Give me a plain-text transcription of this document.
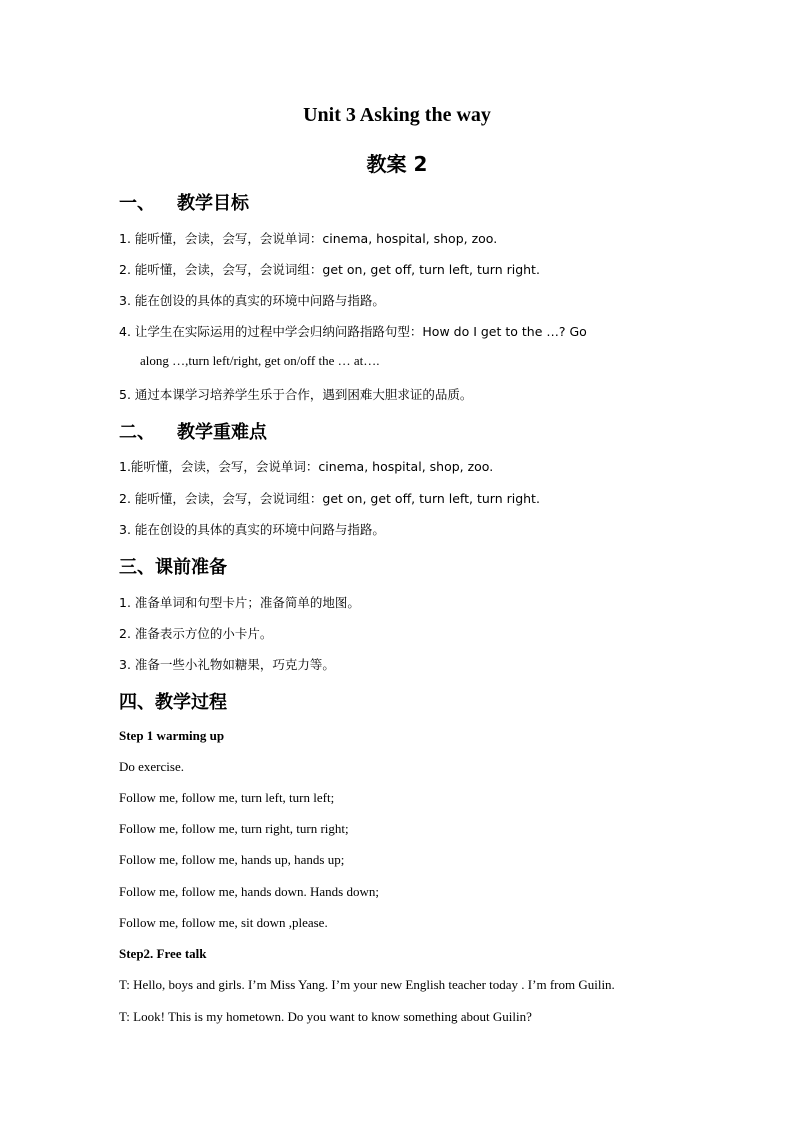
Unit 3 Asking the way
教案 2
一、 教学目标
1. 能听懂，会读，会写，会说单词：cinema, hospital, shop, zoo.
2. 能听懂，会读，会写，会说词组：get on, get off, turn left, turn right.
3. 能在创设的具体的真实的环境中问路与指路。
4. 让学生在实际运用的过程中学会归纳问路指路句型：How do I get to the …? Go
along …,turn left/right, get on/off the … at….
5. 通过本课学习培养学生乐于合作，遇到困难大胆求证的品质。
二、 教学重难点
1.能听懂，会读，会写，会说单词：cinema, hospital, shop, zoo.
2. 能听懂，会读，会写，会说词组：get on, get off, turn left, turn right.
3. 能在创设的具体的真实的环境中问路与指路。
三、课前准备
1. 准备单词和句型卡片；准备简单的地图。
2. 准备表示方位的小卡片。
3. 准备一些小礼物如糖果，巧克力等。
四、教学过程
Step 1 warming up
Do exercise.
Follow me, follow me, turn left, turn left;
Follow me, follow me, turn right, turn right;
Follow me, follow me, hands up, hands up;
Follow me, follow me, hands down. Hands down;
Follow me, follow me, sit down ,please.
Step2. Free talk
T: Hello, boys and girls. I’m Miss Yang. I’m your new English teacher today . I’m from Guilin.
T: Look! This is my hometown. Do you want to know something about Guilin?
